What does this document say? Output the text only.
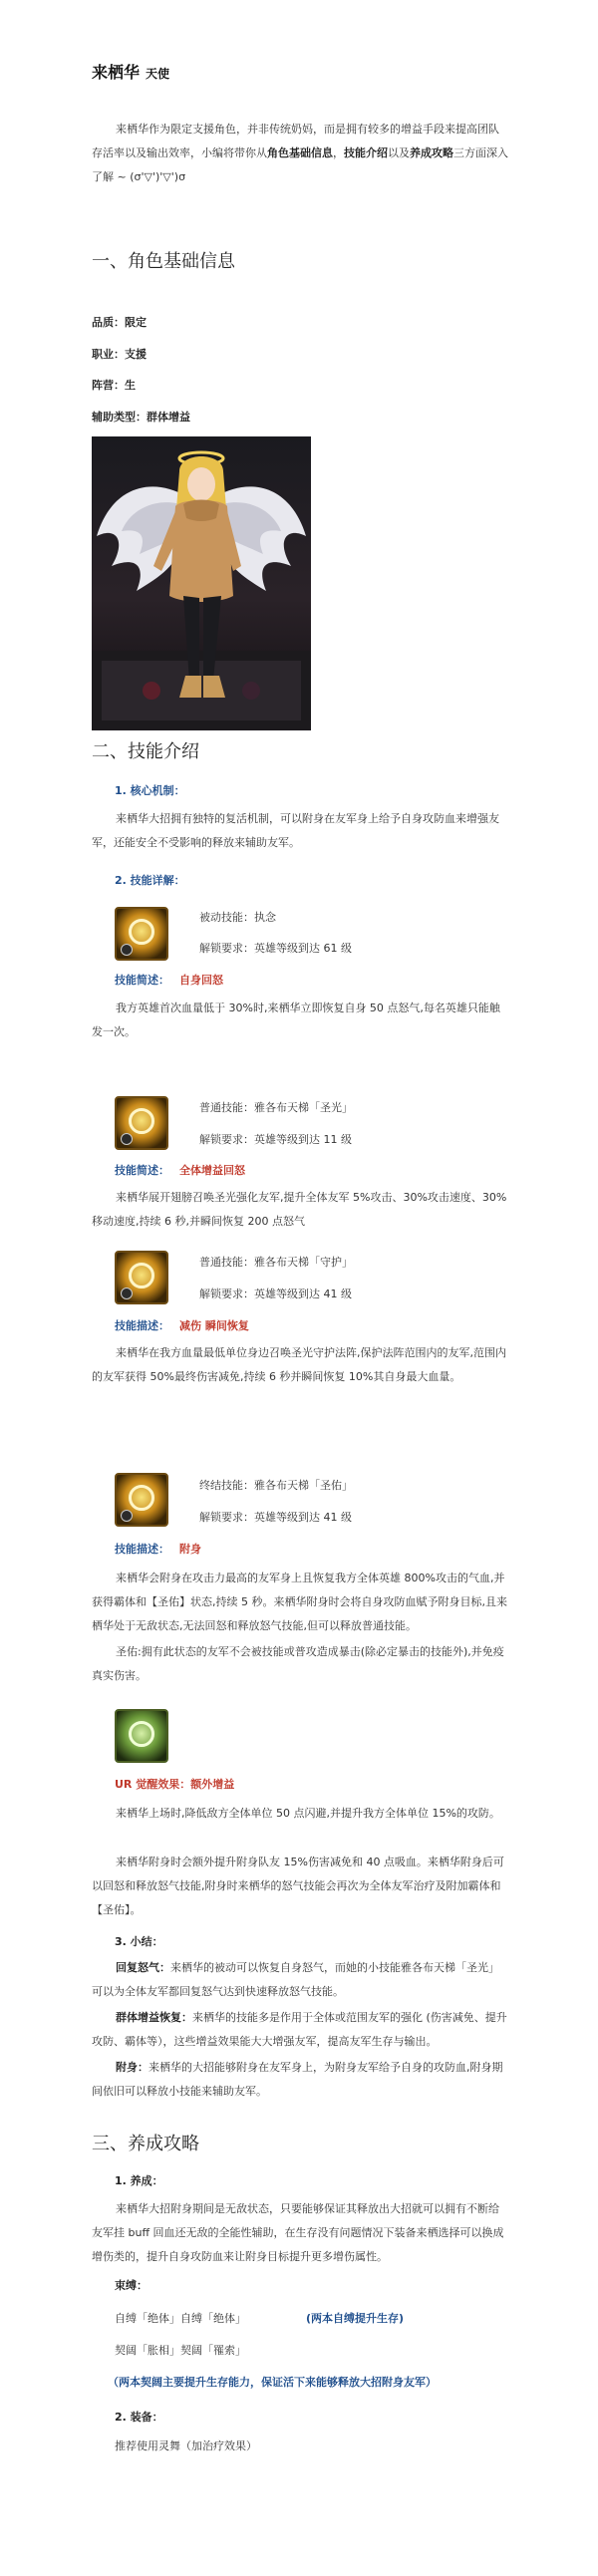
来栖华 天使
来栖华作为限定支援角色，并非传统奶妈，而是拥有较多的增益手段来提高团队存活率以及输出效率，小编将带你从角色基础信息，技能介绍以及养成攻略三方面深入了解 ~ (σ'▽')'▽')σ
一、角色基础信息
品质：限定
职业：支援
阵营：生
辅助类型：群体增益
二、技能介绍
1. 核心机制：
来栖华大招拥有独特的复活机制，可以附身在友军身上给予自身攻防血来增强友军，还能安全不受影响的释放来辅助友军。
2. 技能详解：
被动技能：执念
解锁要求：英雄等级到达 61 级
技能简述： 自身回怒
我方英雄首次血量低于 30%时,来栖华立即恢复自身 50 点怒气,每名英雄只能触发一次。
普通技能：雅各布天梯「圣光」
解锁要求：英雄等级到达 11 级
技能简述： 全体增益回怒
来栖华展开翅膀召唤圣光强化友军,提升全体友军 5%攻击、30%攻击速度、30%移动速度,持续 6 秒,并瞬间恢复 200 点怒气
普通技能：雅各布天梯「守护」
解锁要求：英雄等级到达 41 级
技能描述： 减伤 瞬间恢复
来栖华在我方血量最低单位身边召唤圣光守护法阵,保护法阵范围内的友军,范围内的友军获得 50%最终伤害减免,持续 6 秒并瞬间恢复 10%其自身最大血量。
终结技能：雅各布天梯「圣佑」
解锁要求：英雄等级到达 41 级
技能描述： 附身
来栖华会附身在攻击力最高的友军身上且恢复我方全体英雄 800%攻击的气血,并获得霸体和【圣佑】状态,持续 5 秒。来栖华附身时会将自身攻防血赋予附身目标,且来栖华处于无敌状态,无法回怒和释放怒气技能,但可以释放普通技能。
圣佑:拥有此状态的友军不会被技能或普攻造成暴击(除必定暴击的技能外),并免疫真实伤害。
UR 觉醒效果：额外增益
来栖华上场时,降低敌方全体单位 50 点闪避,并提升我方全体单位 15%的攻防。
来栖华附身时会额外提升附身队友 15%伤害减免和 40 点吸血。来栖华附身后可以回怒和释放怒气技能,附身时来栖华的怒气技能会再次为全体友军治疗及附加霸体和【圣佑】。
3. 小结：
回复怒气：来栖华的被动可以恢复自身怒气，而她的小技能雅各布天梯「圣光」可以为全体友军都回复怒气达到快速释放怒气技能。
群体增益恢复：来栖华的技能多是作用于全体或范围友军的强化 (伤害减免、提升攻防、霸体等），这些增益效果能大大增强友军，提高友军生存与输出。
附身：来栖华的大招能够附身在友军身上，为附身友军给予自身的攻防血,附身期间依旧可以释放小技能来辅助友军。
三、养成攻略
1. 养成：
来栖华大招附身期间是无敌状态，只要能够保证其释放出大招就可以拥有不断给友军挂 buff 回血还无敌的全能性辅助，在生存没有问题情况下装备来栖选择可以换成增伤类的，提升自身攻防血来让附身目标提升更多增伤属性。
束缚：
自缚「绝体」自缚「绝体」	(两本自缚提升生存)
契阔「胀相」契阔「罹索」
（两本契阔主要提升生存能力，保证活下来能够释放大招附身友军）
2. 装备：
推荐使用灵舞（加治疗效果）
